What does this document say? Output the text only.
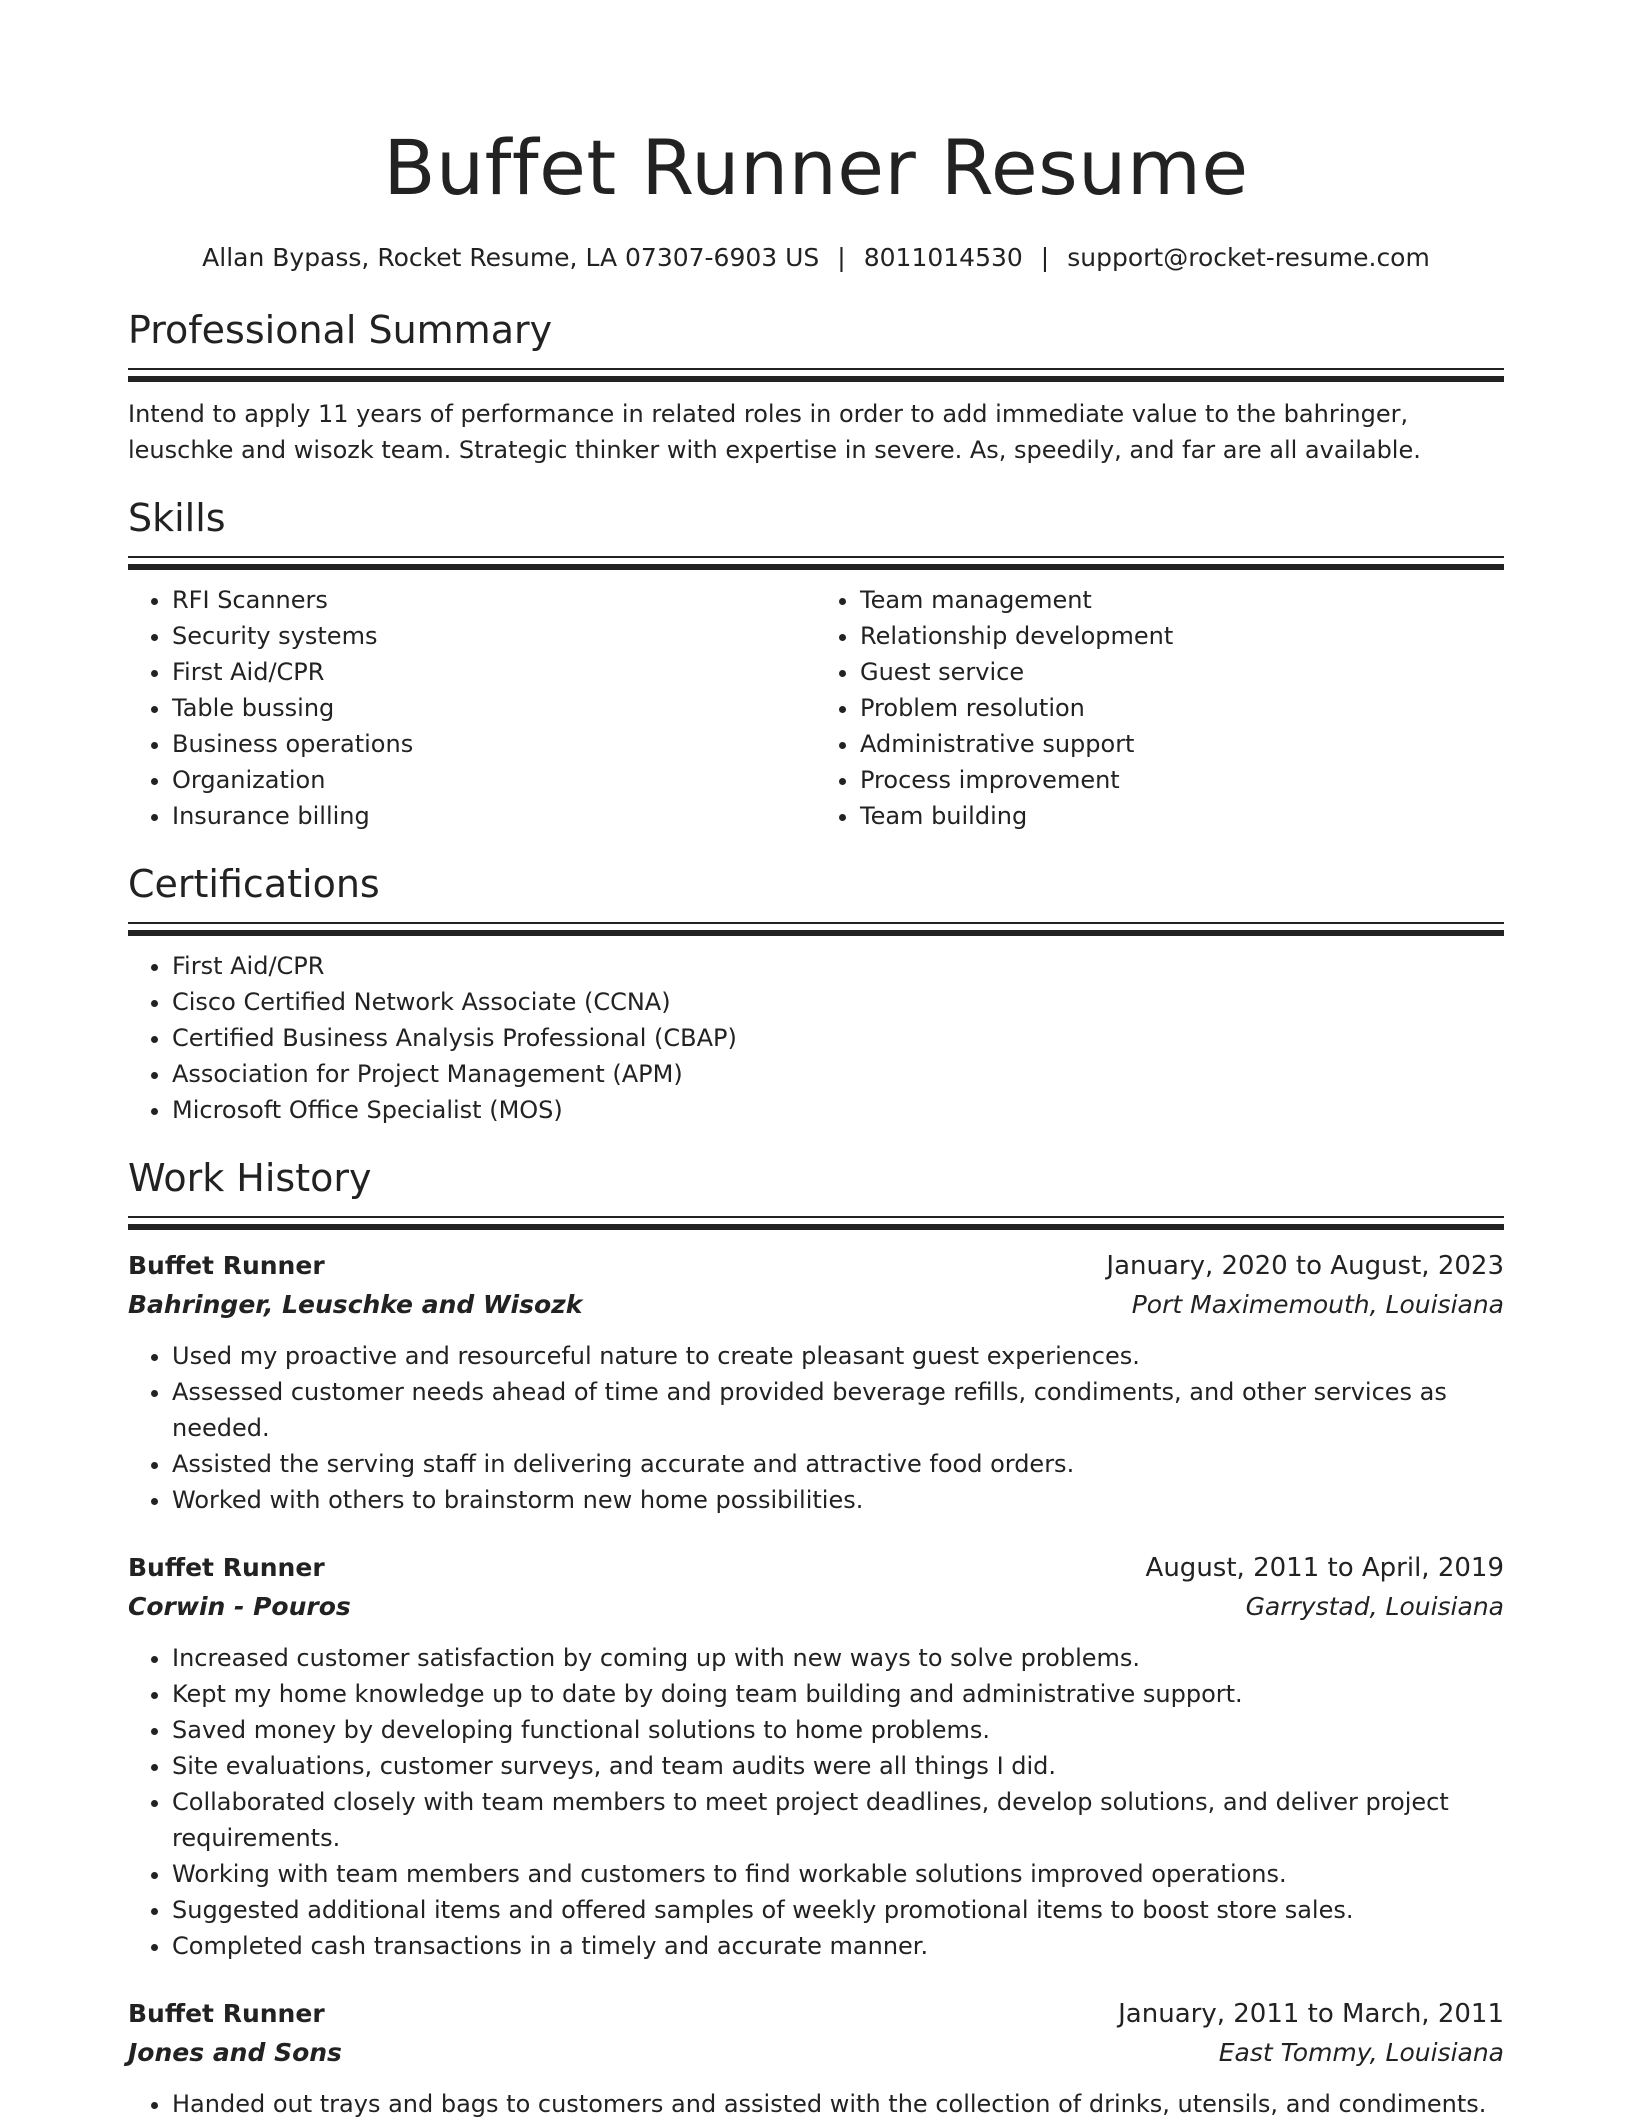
Buffet Runner Resume
Allan Bypass, Rocket Resume, LA 07307-6903 US | 8011014530 | support@rocket-resume.com
Professional Summary
Intend to apply 11 years of performance in related roles in order to add immediate value to the bahringer, leuschke and wisozk team. Strategic thinker with expertise in severe. As, speedily, and far are all available.
Skills
• RFI Scanners
• Security systems
• First Aid/CPR
• Table bussing
• Business operations
• Organization
• Insurance billing
• Team management
• Relationship development
• Guest service
• Problem resolution
• Administrative support
• Process improvement
• Team building
Certifications
• First Aid/CPR
• Cisco Certified Network Associate (CCNA)
• Certified Business Analysis Professional (CBAP)
• Association for Project Management (APM)
• Microsoft Office Specialist (MOS)
Work History
Buffet Runner	January, 2020 to August, 2023
Bahringer, Leuschke and Wisozk	Port Maximemouth, Louisiana
• Used my proactive and resourceful nature to create pleasant guest experiences.
• Assessed customer needs ahead of time and provided beverage refills, condiments, and other services as needed.
• Assisted the serving staff in delivering accurate and attractive food orders.
• Worked with others to brainstorm new home possibilities.
Buffet Runner	August, 2011 to April, 2019
Corwin - Pouros	Garrystad, Louisiana
• Increased customer satisfaction by coming up with new ways to solve problems.
• Kept my home knowledge up to date by doing team building and administrative support.
• Saved money by developing functional solutions to home problems.
• Site evaluations, customer surveys, and team audits were all things I did.
• Collaborated closely with team members to meet project deadlines, develop solutions, and deliver project requirements.
• Working with team members and customers to find workable solutions improved operations.
• Suggested additional items and offered samples of weekly promotional items to boost store sales.
• Completed cash transactions in a timely and accurate manner.
Buffet Runner	January, 2011 to March, 2011
Jones and Sons	East Tommy, Louisiana
• Handed out trays and bags to customers and assisted with the collection of drinks, utensils, and condiments.
